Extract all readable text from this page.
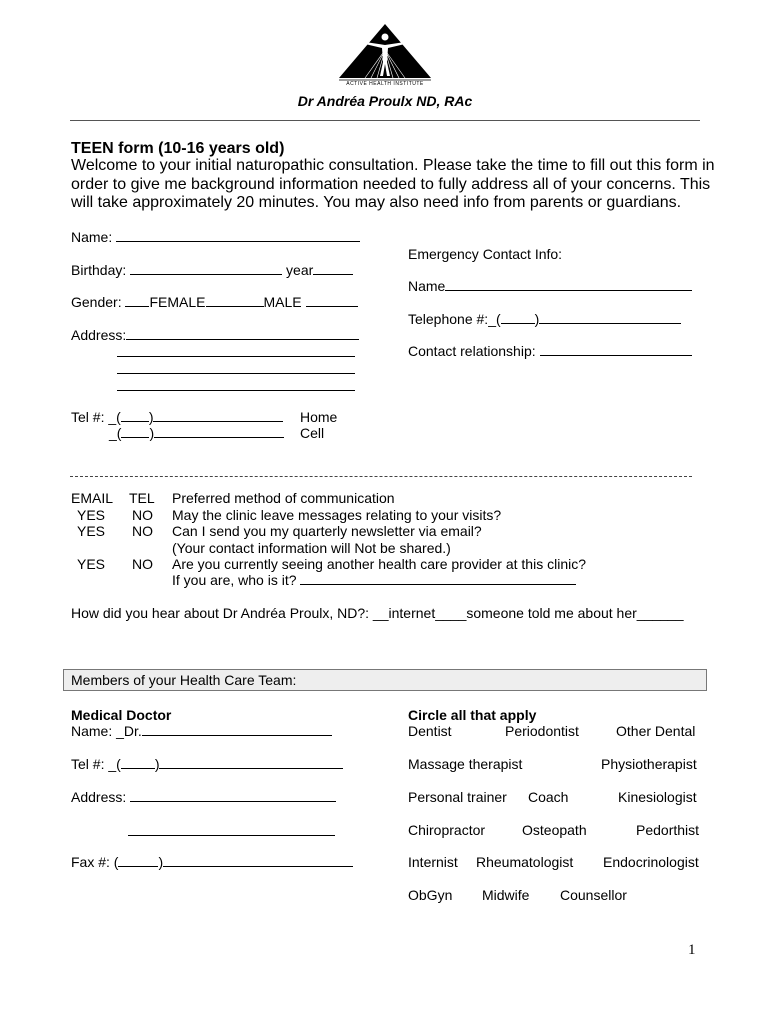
ACTIVE HEALTH INSTITUTE
Dr Andréa Proulx ND, RAc
TEEN form (10-16 years old)
Welcome to your initial naturopathic consultation. Please take the time to fill out this form in
order to give me background information needed to fully address all of your concerns. This
will take approximately 20 minutes. You may also need info from parents or guardians.
Name:
Birthday:	year
Gender: FEMALE	MALE
Address:
Tel #: _( )	Home
_( )	Cell
Emergency Contact Info:
Name
Telephone #:_( )
Contact relationship:
EMAIL TEL Preferred method of communication
YES NO May the clinic leave messages relating to your visits?
YES NO Can I send you my quarterly newsletter via email?
(Your contact information will Not be shared.)
YES NO Are you currently seeing another health care provider at this clinic?
If you are, who is it?
How did you hear about Dr Andréa Proulx, ND?: __internet____someone told me about her______
Members of your Health Care Team:
Medical Doctor
Name: _Dr.
Tel #: _( )
Address:
Fax #: (	)
Circle all that apply
Dentist	Periodontist	Other Dental
Massage therapist	Physiotherapist
Personal trainer Coach	Kinesiologist
Chiropractor	Osteopath	Pedorthist
Internist Rheumatologist Endocrinologist
ObGyn Midwife Counsellor
1
